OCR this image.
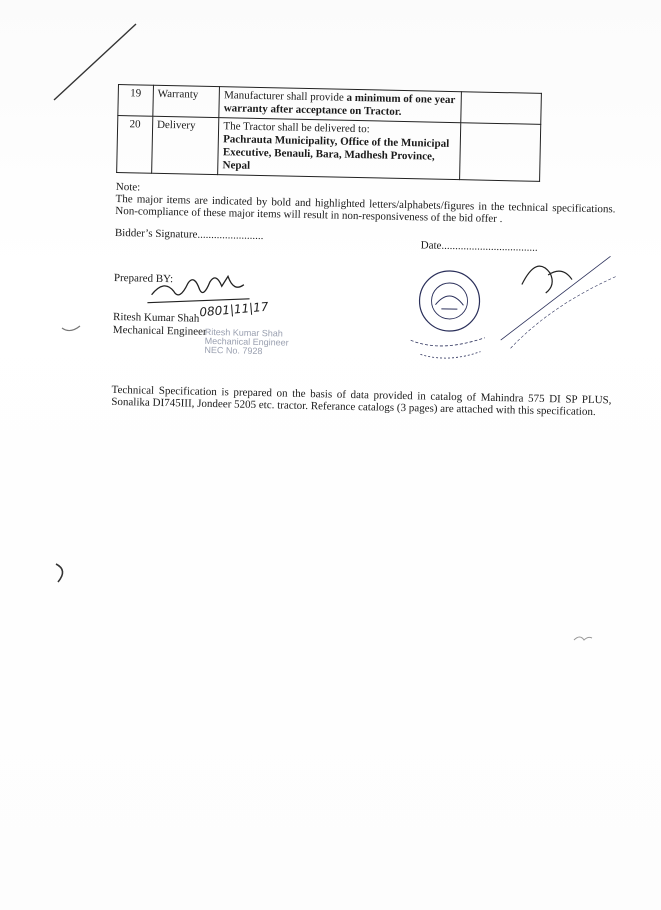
19	Warranty	Manufacturer shall provide a minimum of one year warranty after acceptance on Tractor.	
20	Delivery	The Tractor shall be delivered to:
Pachrauta Municipality, Office of the Municipal Executive, Benauli, Bara, Madhesh Province, Nepal	
Note:
The major items are indicated by bold and highlighted letters/alphabets/figures in the technical specifications. Non-compliance of these major items will result in non-responsiveness of the bid offer .
Bidder’s Signature........................
Date...................................
Prepared BY:
Ritesh Kumar Shah
Mechanical Engineer
0801|11|17
Ritesh Kumar Shah
Mechanical Engineer
NEC No. 7928
Technical Specification is prepared on the basis of data provided in catalog of Mahindra 575 DI SP PLUS, Sonalika DI745III, Jondeer 5205 etc. tractor. Referance catalogs (3 pages) are attached with this specification.
